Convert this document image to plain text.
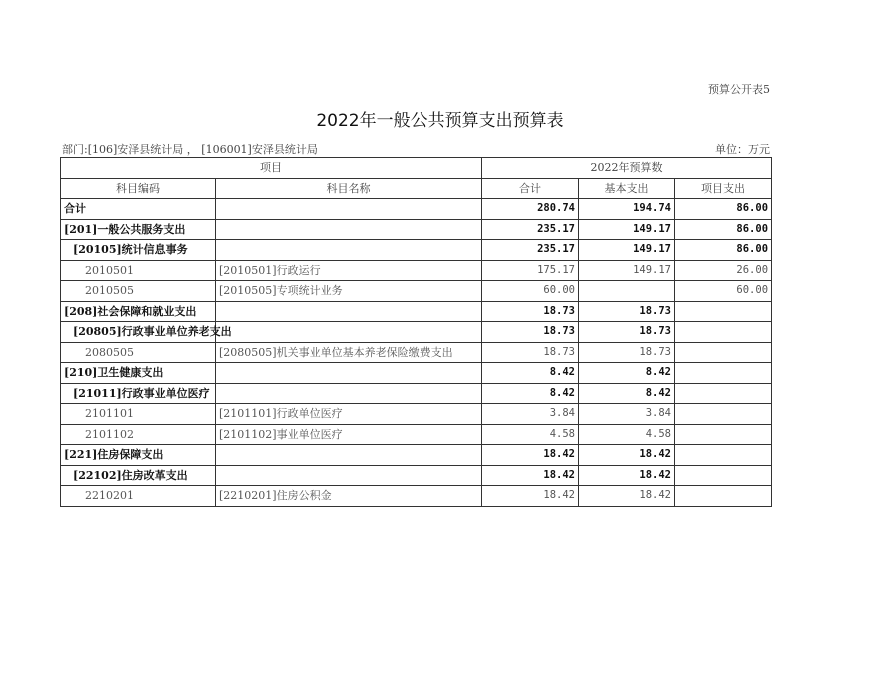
预算公开表5
2022年一般公共预算支出预算表
部门:[106]安泽县统计局 ， [106001]安泽县统计局	单位：万元
项目		2022年预算数		
科目编码	科目名称	合计	基本支出	项目支出
合计		280.74	194.74	86.00
[201]一般公共服务支出		235.17	149.17	86.00
[20105]统计信息事务		235.17	149.17	86.00
2010501	[2010501]行政运行	175.17	149.17	26.00
2010505	[2010505]专项统计业务	60.00		60.00
[208]社会保障和就业支出		18.73	18.73	
[20805]行政事业单位养老支出		18.73	18.73	
2080505	[2080505]机关事业单位基本养老保险缴费支出	18.73	18.73	
[210]卫生健康支出		8.42	8.42	
[21011]行政事业单位医疗		8.42	8.42	
2101101	[2101101]行政单位医疗	3.84	3.84	
2101102	[2101102]事业单位医疗	4.58	4.58	
[221]住房保障支出		18.42	18.42	
[22102]住房改革支出		18.42	18.42	
2210201	[2210201]住房公积金	18.42	18.42	
